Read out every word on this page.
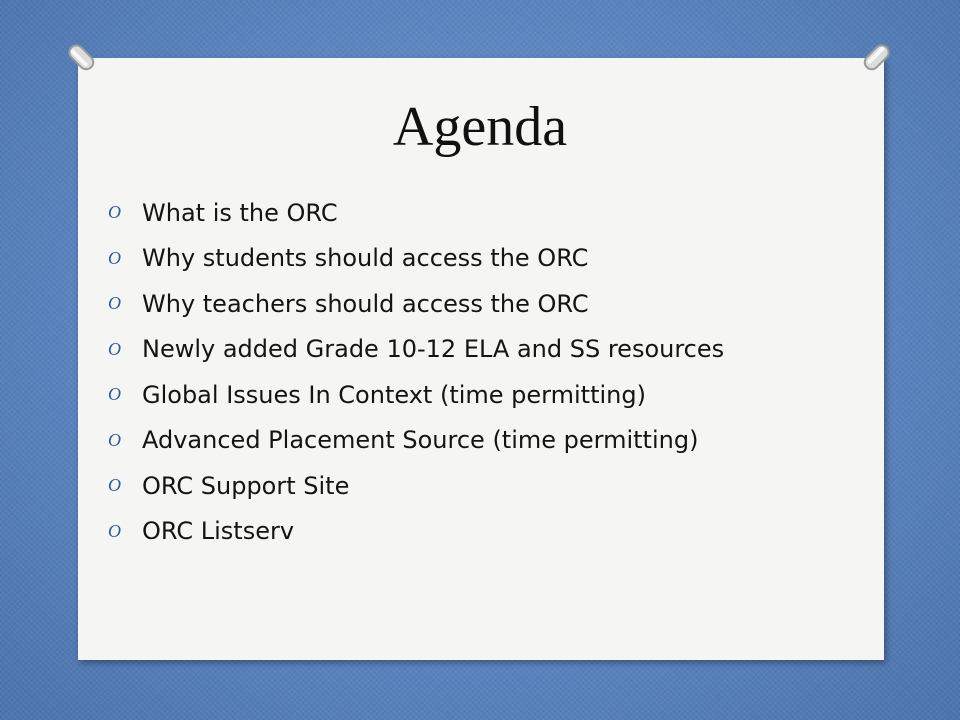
Agenda
O What is the ORC
O Why students should access the ORC
O Why teachers should access the ORC
O Newly added Grade 10-12 ELA and SS resources
O Global Issues In Context (time permitting)
O Advanced Placement Source (time permitting)
O ORC Support Site
O ORC Listserv
